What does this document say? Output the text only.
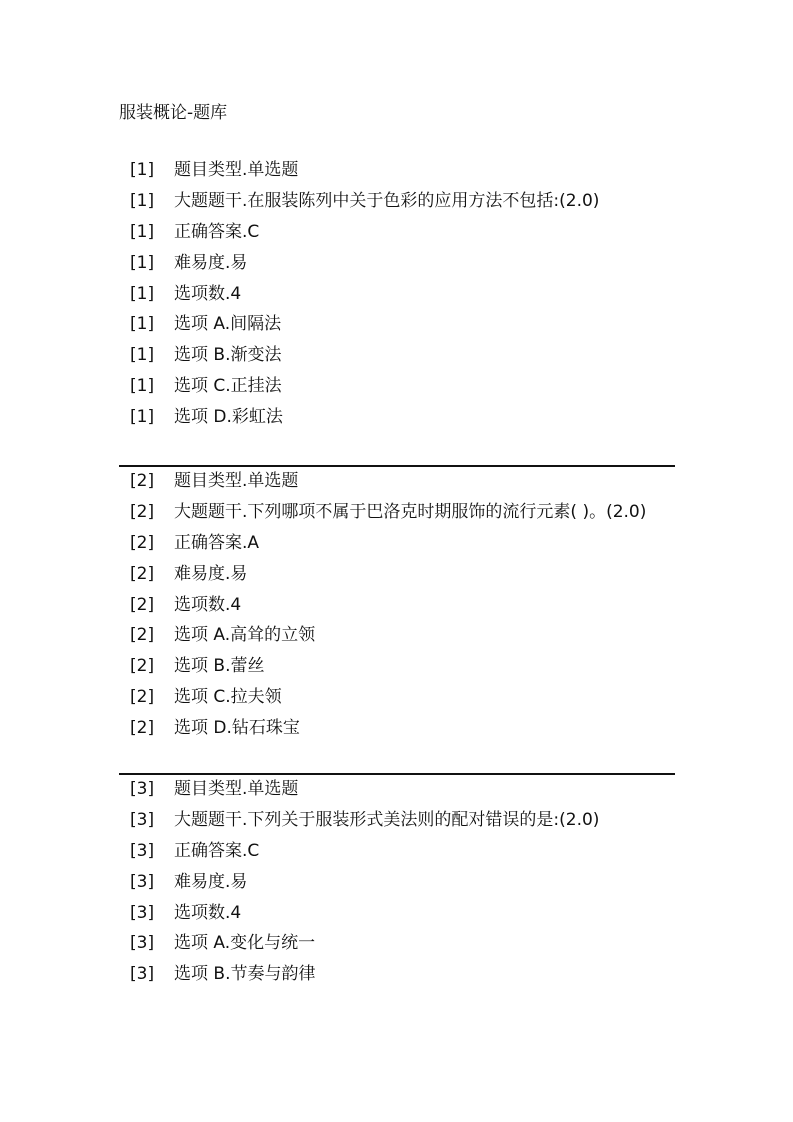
服装概论-题库
[1] 题目类型.单选题
[1] 大题题干.在服装陈列中关于色彩的应用方法不包括:(2.0)
[1] 正确答案.C
[1] 难易度.易
[1] 选项数.4
[1] 选项 A.间隔法
[1] 选项 B.渐变法
[1] 选项 C.正挂法
[1] 选项 D.彩虹法
[2] 题目类型.单选题
[2] 大题题干.下列哪项不属于巴洛克时期服饰的流行元素( )。(2.0)
[2] 正确答案.A
[2] 难易度.易
[2] 选项数.4
[2] 选项 A.高耸的立领
[2] 选项 B.蕾丝
[2] 选项 C.拉夫领
[2] 选项 D.钻石珠宝
[3] 题目类型.单选题
[3] 大题题干.下列关于服装形式美法则的配对错误的是:(2.0)
[3] 正确答案.C
[3] 难易度.易
[3] 选项数.4
[3] 选项 A.变化与统一
[3] 选项 B.节奏与韵律
